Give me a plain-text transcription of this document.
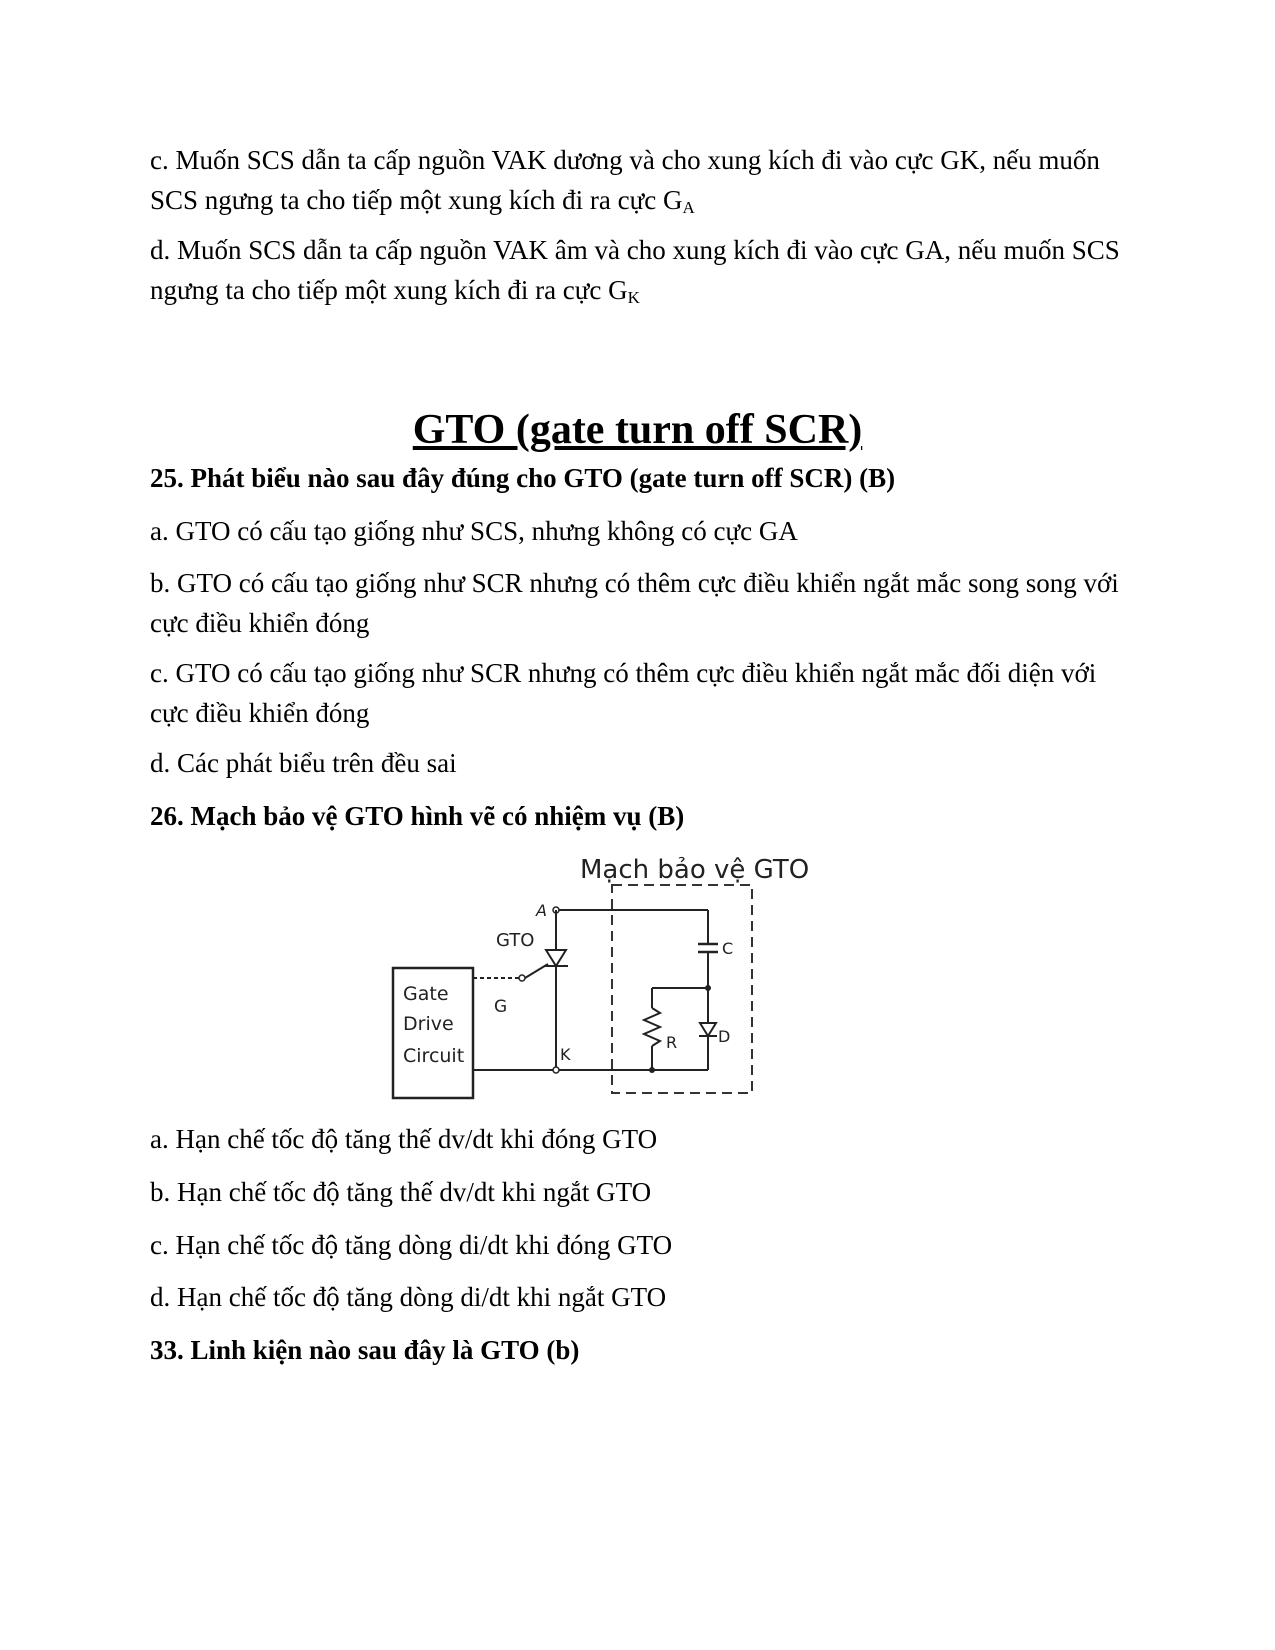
c. Muốn SCS dẫn ta cấp nguồn VAK dương và cho xung kích đi vào cực GK, nếu muốn SCS ngưng ta cho tiếp một xung kích đi ra cực $G_A$

d. Muốn SCS dẫn ta cấp nguồn VAK âm và cho xung kích đi vào cực GA, nếu muốn SCS ngưng ta cho tiếp một xung kích đi ra cực $G_K$

GTO (gate turn off SCR)

25. Phát biểu nào sau đây đúng cho GTO (gate turn off SCR) (B)

a. GTO có cấu tạo giống như SCS, nhưng không có cực GA

b. GTO có cấu tạo giống như SCR nhưng có thêm cực điều khiển ngắt mắc song song với cực điều khiển đóng

c. GTO có cấu tạo giống như SCR nhưng có thêm cực điều khiển ngắt mắc đối diện với cực điều khiển đóng

d. Các phát biểu trên đều sai

26. Mạch bảo vệ GTO hình vẽ có nhiệm vụ (B)

Mạch bảo vệ GTO
Gate
Drive
Circuit
A
GTO
G
K
C
R	D

a. Hạn chế tốc độ tăng thế dv/dt khi đóng GTO

b. Hạn chế tốc độ tăng thế dv/dt khi ngắt GTO

c. Hạn chế tốc độ tăng dòng di/dt khi đóng GTO

d. Hạn chế tốc độ tăng dòng di/dt khi ngắt GTO

33. Linh kiện nào sau đây là GTO (b)
